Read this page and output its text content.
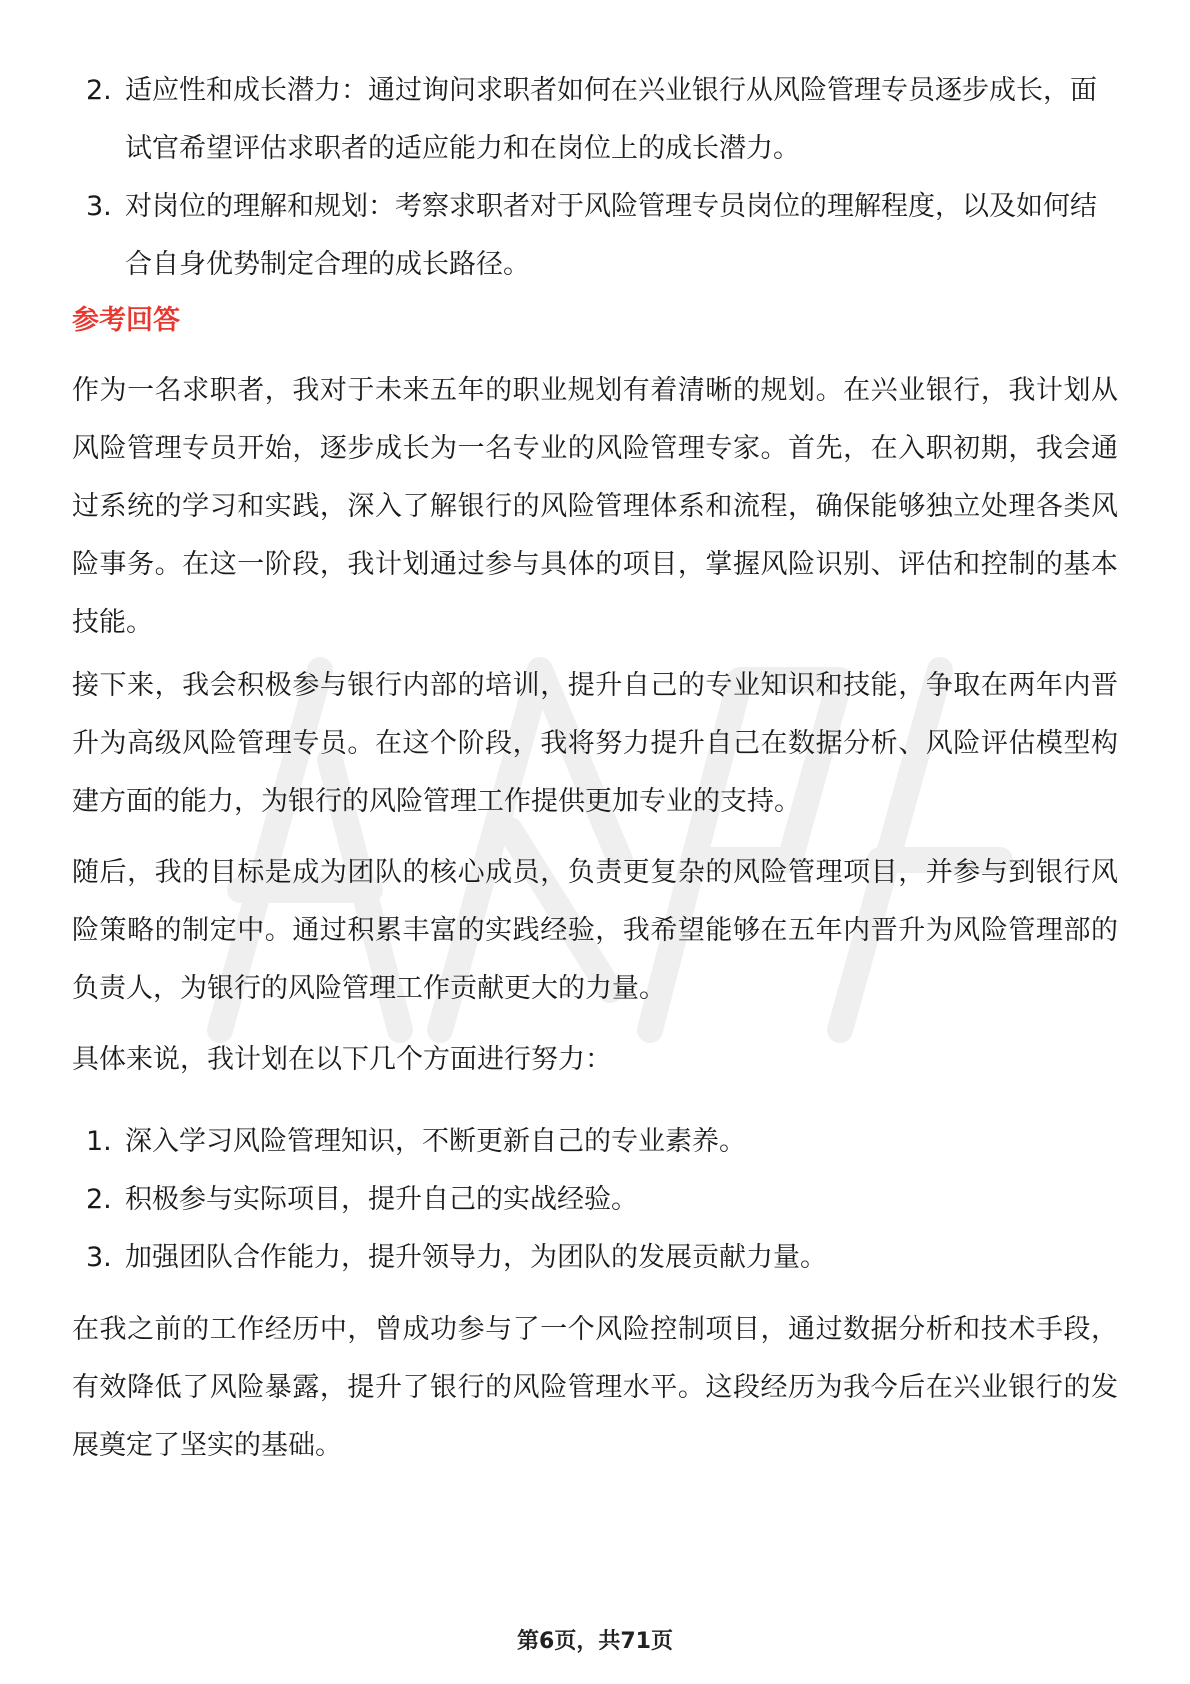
2. 适应性和成长潜力：通过询问求职者如何在兴业银行从风险管理专员逐步成长，面试官希望评估求职者的适应能力和在岗位上的成长潜力。
3. 对岗位的理解和规划：考察求职者对于风险管理专员岗位的理解程度，以及如何结合自身优势制定合理的成长路径。
参考回答

作为一名求职者，我对于未来五年的职业规划有着清晰的规划。在兴业银行，我计划从风险管理专员开始，逐步成长为一名专业的风险管理专家。首先，在入职初期，我会通过系统的学习和实践，深入了解银行的风险管理体系和流程，确保能够独立处理各类风险事务。在这一阶段，我计划通过参与具体的项目，掌握风险识别、评估和控制的基本技能。

接下来，我会积极参与银行内部的培训，提升自己的专业知识和技能，争取在两年内晋升为高级风险管理专员。在这个阶段，我将努力提升自己在数据分析、风险评估模型构建方面的能力，为银行的风险管理工作提供更加专业的支持。

随后，我的目标是成为团队的核心成员，负责更复杂的风险管理项目，并参与到银行风险策略的制定中。通过积累丰富的实践经验，我希望能够在五年内晋升为风险管理部的负责人，为银行的风险管理工作贡献更大的力量。

具体来说，我计划在以下几个方面进行努力：

1. 深入学习风险管理知识，不断更新自己的专业素养。
2. 积极参与实际项目，提升自己的实战经验。
3. 加强团队合作能力，提升领导力，为团队的发展贡献力量。

在我之前的工作经历中，曾成功参与了一个风险控制项目，通过数据分析和技术手段，有效降低了风险暴露，提升了银行的风险管理水平。这段经历为我今后在兴业银行的发展奠定了坚实的基础。

第6页，共71页
